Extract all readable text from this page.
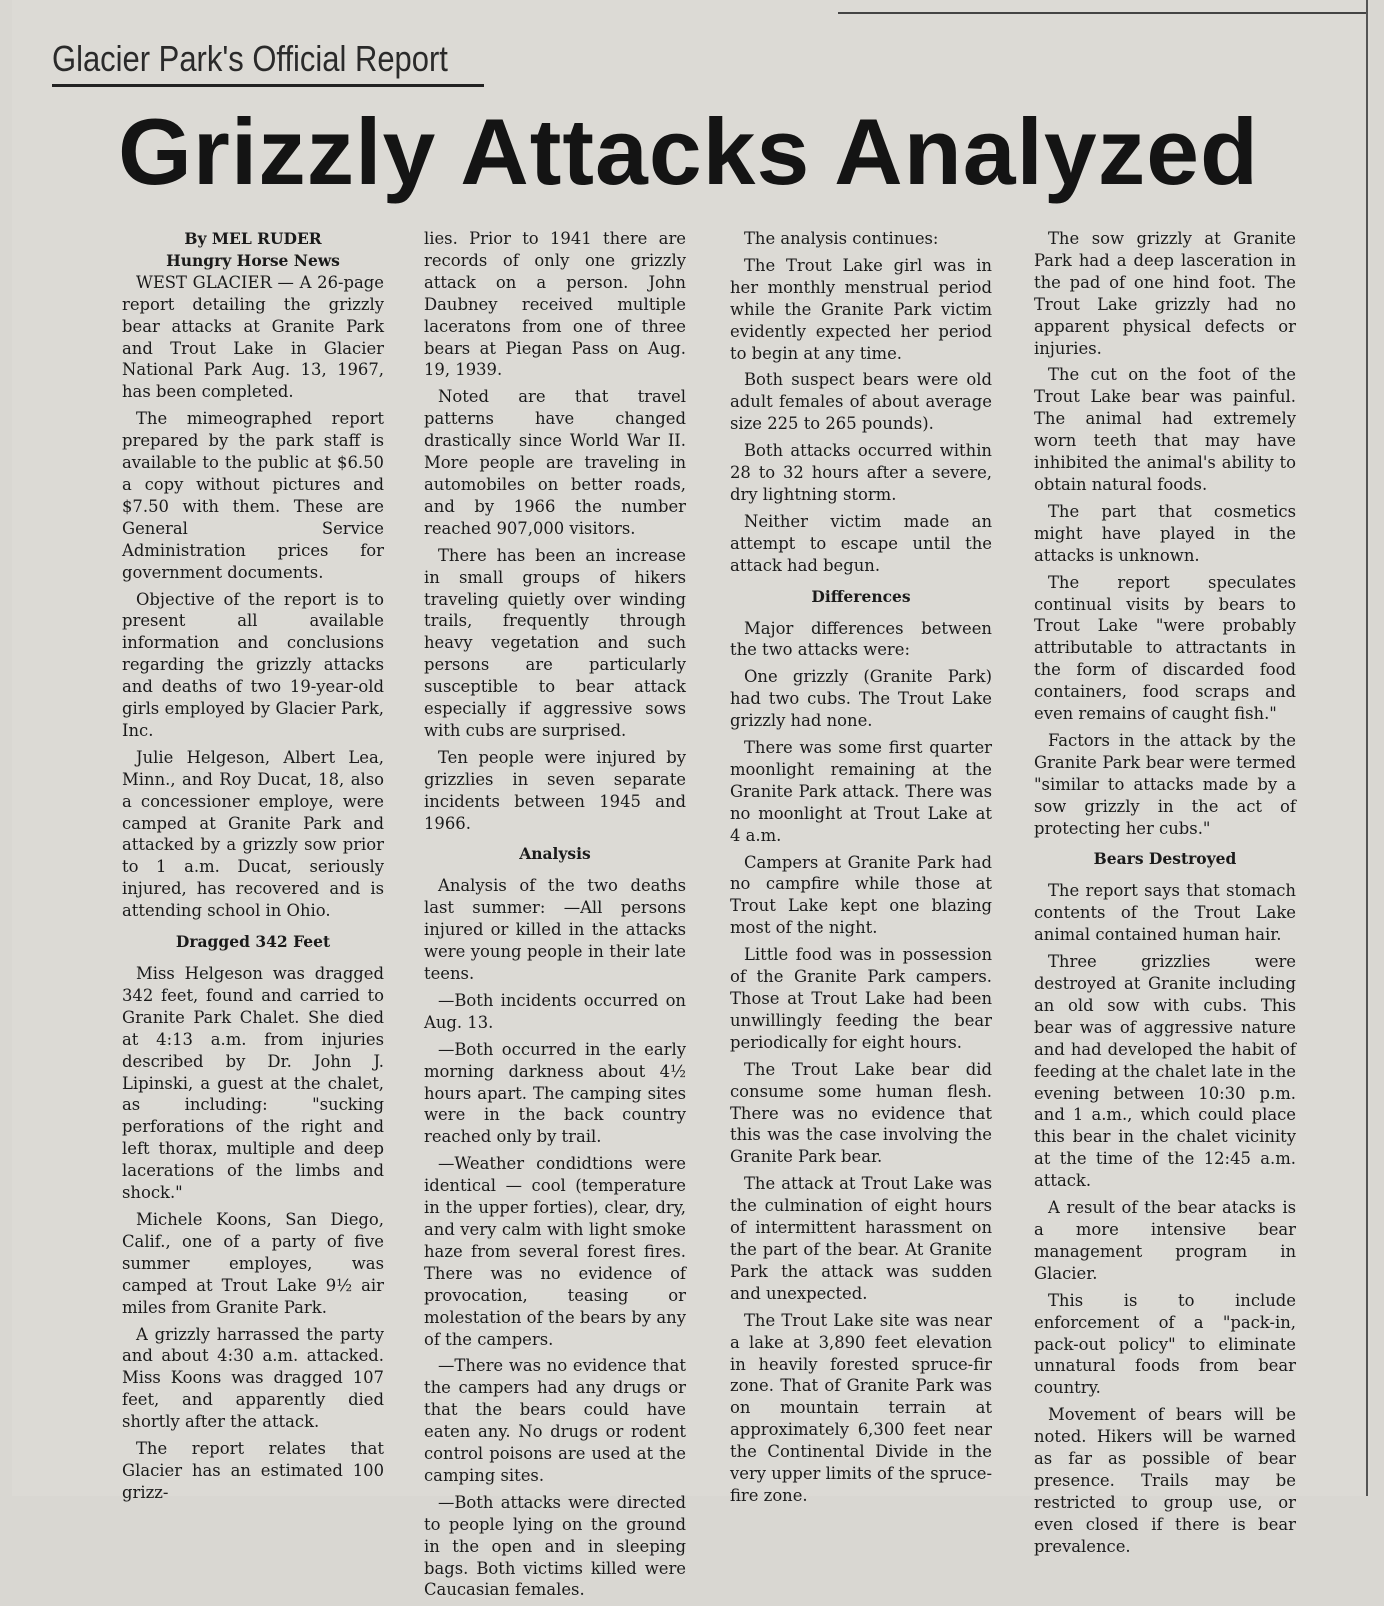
Glacier Park's Official Report
Grizzly Attacks Analyzed
By MEL RUDER
Hungry Horse News

WEST GLACIER — A 26-page report detailing the grizzly bear attacks at Granite Park and Trout Lake in Glacier National Park Aug. 13, 1967, has been completed.

The mimeographed report prepared by the park staff is available to the public at $6.50 a copy without pictures and $7.50 with them. These are General Service Administration prices for government documents.

Objective of the report is to present all available information and conclusions regarding the grizzly attacks and deaths of two 19-year-old girls employed by Glacier Park, Inc.

Julie Helgeson, Albert Lea, Minn., and Roy Ducat, 18, also a concessioner employe, were camped at Granite Park and attacked by a grizzly sow prior to 1 a.m. Ducat, seriously injured, has recovered and is attending school in Ohio.

Dragged 342 Feet

Miss Helgeson was dragged 342 feet, found and carried to Granite Park Chalet. She died at 4:13 a.m. from injuries described by Dr. John J. Lipinski, a guest at the chalet, as including: "sucking perforations of the right and left thorax, multiple and deep lacerations of the limbs and shock."

Michele Koons, San Diego, Calif., one of a party of five summer employes, was camped at Trout Lake 9½ air miles from Granite Park.

A grizzly harrassed the party and about 4:30 a.m. attacked. Miss Koons was dragged 107 feet, and apparently died shortly after the attack.

The report relates that Glacier has an estimated 100 grizz-

lies. Prior to 1941 there are records of only one grizzly attack on a person. John Daubney received multiple laceratons from one of three bears at Piegan Pass on Aug. 19, 1939.

Noted are that travel patterns have changed drastically since World War II. More people are traveling in automobiles on better roads, and by 1966 the number reached 907,000 visitors.

There has been an increase in small groups of hikers traveling quietly over winding trails, frequently through heavy vegetation and such persons are particularly susceptible to bear attack especially if aggressive sows with cubs are surprised.

Ten people were injured by grizzlies in seven separate incidents between 1945 and 1966.

Analysis

Analysis of the two deaths last summer: —All persons injured or killed in the attacks were young people in their late teens.

—Both incidents occurred on Aug. 13.

—Both occurred in the early morning darkness about 4½ hours apart. The camping sites were in the back country reached only by trail.

—Weather condidtions were identical — cool (temperature in the upper forties), clear, dry, and very calm with light smoke haze from several forest fires. There was no evidence of provocation, teasing or molestation of the bears by any of the campers.

—There was no evidence that the campers had any drugs or that the bears could have eaten any. No drugs or rodent control poisons are used at the camping sites.

—Both attacks were directed to people lying on the ground in the open and in sleeping bags. Both victims killed were Caucasian females.

The analysis continues:

The Trout Lake girl was in her monthly menstrual period while the Granite Park victim evidently expected her period to begin at any time.

Both suspect bears were old adult females of about average size 225 to 265 pounds).

Both attacks occurred within 28 to 32 hours after a severe, dry lightning storm.

Neither victim made an attempt to escape until the attack had begun.

Differences

Major differences between the two attacks were:

One grizzly (Granite Park) had two cubs. The Trout Lake grizzly had none.

There was some first quarter moonlight remaining at the Granite Park attack. There was no moonlight at Trout Lake at 4 a.m.

Campers at Granite Park had no campfire while those at Trout Lake kept one blazing most of the night.

Little food was in possession of the Granite Park campers. Those at Trout Lake had been unwillingly feeding the bear periodically for eight hours.

The Trout Lake bear did consume some human flesh. There was no evidence that this was the case involving the Granite Park bear.

The attack at Trout Lake was the culmination of eight hours of intermittent harassment on the part of the bear. At Granite Park the attack was sudden and unexpected.

The Trout Lake site was near a lake at 3,890 feet elevation in heavily forested spruce-fir zone. That of Granite Park was on mountain terrain at approximately 6,300 feet near the Continental Divide in the very upper limits of the spruce-fire zone.

The sow grizzly at Granite Park had a deep lasceration in the pad of one hind foot. The Trout Lake grizzly had no apparent physical defects or injuries.

The cut on the foot of the Trout Lake bear was painful. The animal had extremely worn teeth that may have inhibited the animal's ability to obtain natural foods.

The part that cosmetics might have played in the attacks is unknown.

The report speculates continual visits by bears to Trout Lake "were probably attributable to attractants in the form of discarded food containers, food scraps and even remains of caught fish."

Factors in the attack by the Granite Park bear were termed "similar to attacks made by a sow grizzly in the act of protecting her cubs."

Bears Destroyed

The report says that stomach contents of the Trout Lake animal contained human hair.

Three grizzlies were destroyed at Granite including an old sow with cubs. This bear was of aggressive nature and had developed the habit of feeding at the chalet late in the evening between 10:30 p.m. and 1 a.m., which could place this bear in the chalet vicinity at the time of the 12:45 a.m. attack.

A result of the bear atacks is a more intensive bear management program in Glacier.

This is to include enforcement of a "pack-in, pack-out policy" to eliminate unnatural foods from bear country.

Movement of bears will be noted. Hikers will be warned as far as possible of bear presence. Trails may be restricted to group use, or even closed if there is bear prevalence.
